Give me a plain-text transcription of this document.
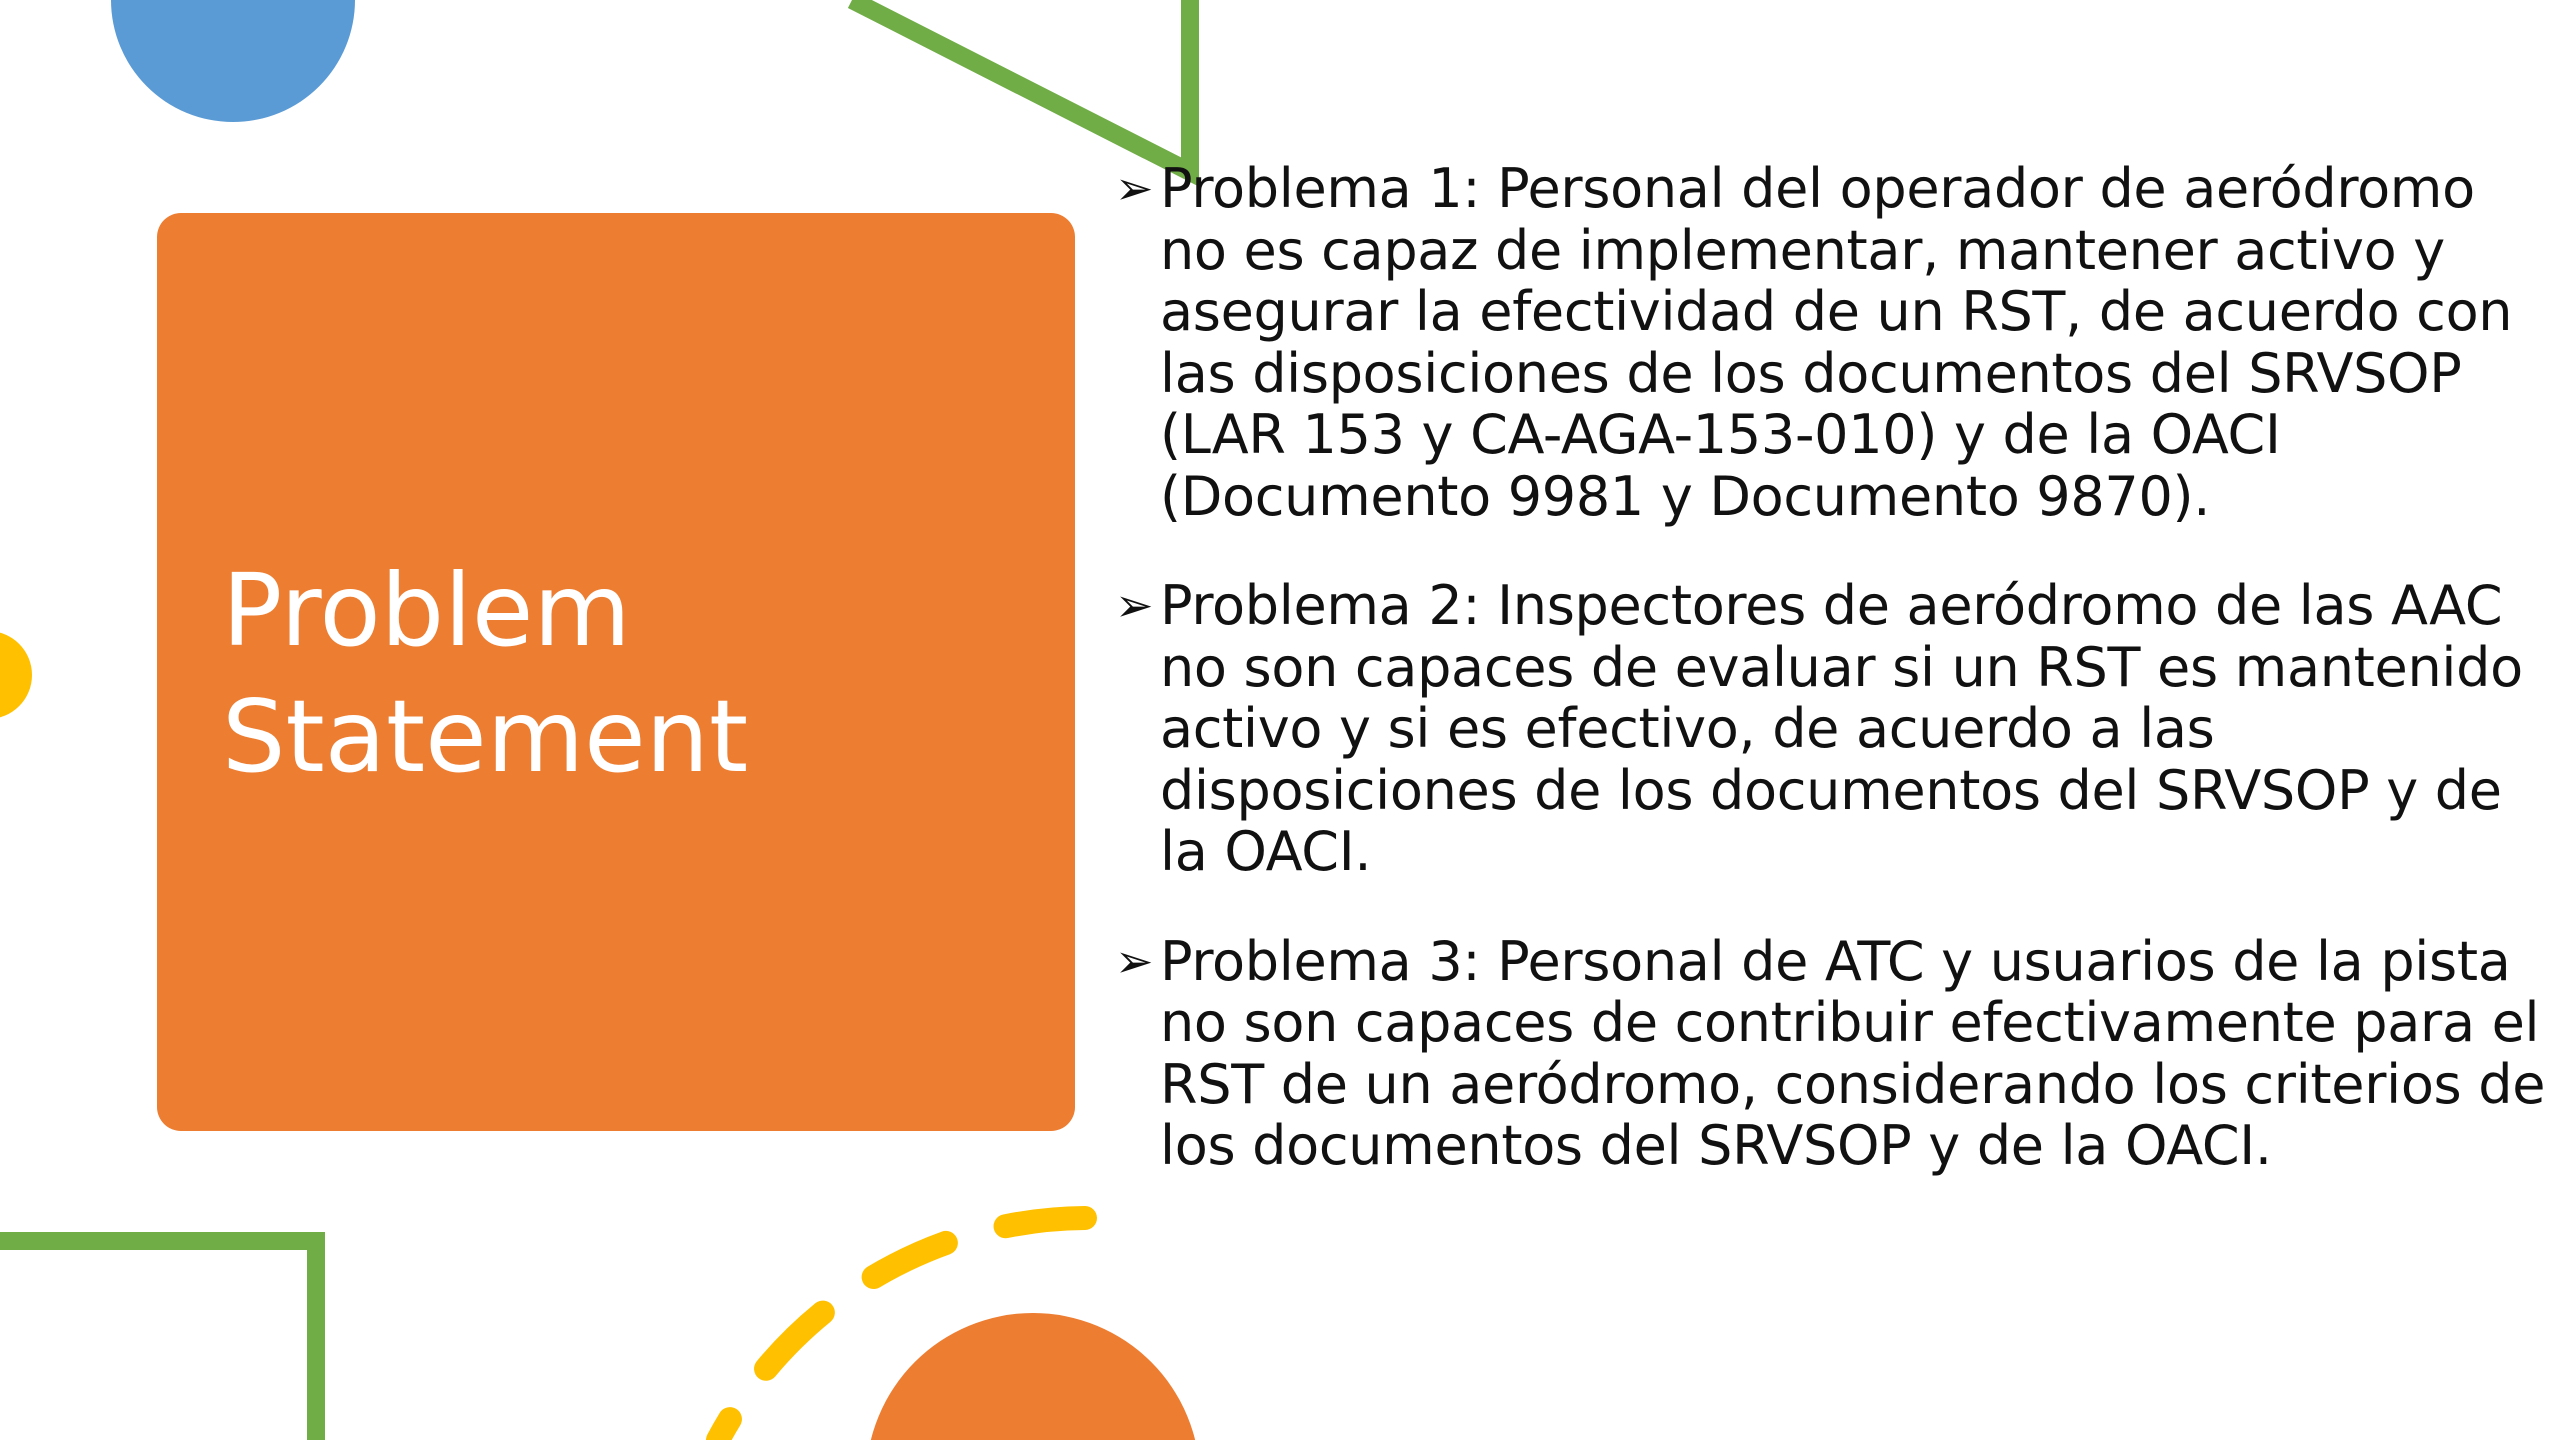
Problem
Statement
➢ Problema 1: Personal del operador de aeródromo no es capaz de implementar, mantener activo y asegurar la efectividad de un RST, de acuerdo con las disposiciones de los documentos del SRVSOP (LAR 153 y CA-AGA-153-010) y de la OACI (Documento 9981 y Documento 9870).
➢ Problema 2: Inspectores de aeródromo de las AAC no son capaces de evaluar si un RST es mantenido activo y si es efectivo, de acuerdo a las disposiciones de los documentos del SRVSOP y de la OACI.
➢ Problema 3: Personal de ATC y usuarios de la pista no son capaces de contribuir efectivamente para el RST de un aeródromo, considerando los criterios de los documentos del SRVSOP y de la OACI.
